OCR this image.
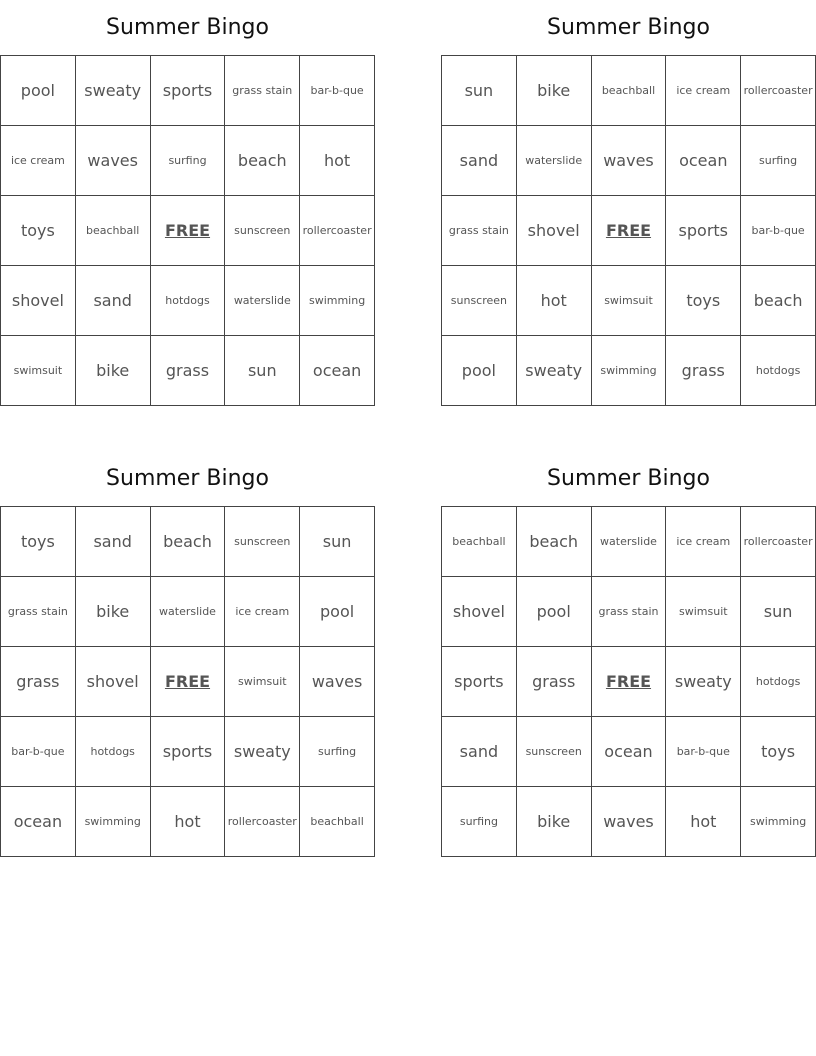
Summer Bingo
pool	sweaty	sports	grass stain	bar-b-que
ice cream	waves	surfing	beach	hot
toys	beachball	FREE	sunscreen	rollercoaster
shovel	sand	hotdogs	waterslide	swimming
swimsuit	bike	grass	sun	ocean
Summer Bingo
sun	bike	beachball	ice cream	rollercoaster
sand	waterslide	waves	ocean	surfing
grass stain	shovel	FREE	sports	bar-b-que
sunscreen	hot	swimsuit	toys	beach
pool	sweaty	swimming	grass	hotdogs
Summer Bingo
toys	sand	beach	sunscreen	sun
grass stain	bike	waterslide	ice cream	pool
grass	shovel	FREE	swimsuit	waves
bar-b-que	hotdogs	sports	sweaty	surfing
ocean	swimming	hot	rollercoaster	beachball
Summer Bingo
beachball	beach	waterslide	ice cream	rollercoaster
shovel	pool	grass stain	swimsuit	sun
sports	grass	FREE	sweaty	hotdogs
sand	sunscreen	ocean	bar-b-que	toys
surfing	bike	waves	hot	swimming
